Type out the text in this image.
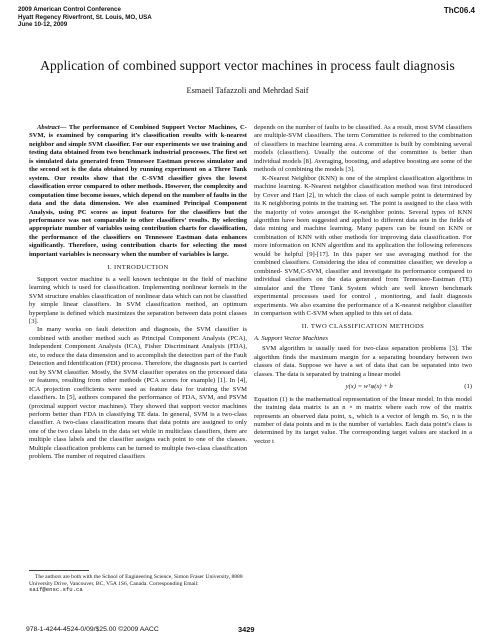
2009 American Control Conference
Hyatt Regency Riverfront, St. Louis, MO, USA
June 10-12, 2009
ThC06.4
Application of combined support vector machines in process fault diagnosis
Esmaeil Tafazzoli and Mehrdad Saif

Abstract— The performance of Combined Support Vector Machines, C-SVM, is examined by comparing it’s classification results with k-nearest neighbor and simple SVM classifier. For our experiments we use training and testing data obtained from two benchmark industrial processes. The first set is simulated data generated from Tennessee Eastman process simulator and the second set is the data obtained by running experiment on a Three Tank system. Our results show that the C-SVM classifier gives the lowest classification error compared to other methods. However, the complexity and computation time become issues, which depend on the number of faults in the data and the data dimension. We also examined Principal Component Analysis, using PC scores as input features for the classifiers but the performance was not comparable to other classifiers’ results. By selecting appropriate number of variables using contribution charts for classification, the performance of the classifiers on Tennessee Eastman data enhances significantly. Therefore, using contribution charts for selecting the most important variables is necessary when the number of variables is large.

I. INTRODUCTION

Support vector machine is a well known technique in the field of machine learning which is used for classification. Implementing nonlinear kernels in the SVM structure enables classification of nonlinear data which can not be classified by simple linear classifiers. In SVM classification method, an optimum hyperplane is defined which maximizes the separation between data point classes [3].

In many works on fault detection and diagnosis, the SVM classifier is combined with another method such as Principal Component Analysis (PCA), Independent Component Analysis (ICA), Fisher Discriminant Analysis (FDA), etc, to reduce the data dimension and to accomplish the detection part of the Fault Detection and Identification (FDI) process. Therefore, the diagnosis part is carried out by SVM classifier. Mostly, the SVM classifier operates on the processed data or features, resulting from other methods (PCA scores for example) [1]. In [4], ICA projection coefficients were used as feature data for training the SVM classifiers. In [5], authors compared the performance of FDA, SVM, and PSVM (proximal support vector machines). They showed that support vector machines perform better than FDA in classifying TE data. In general, SVM is a two-class classifier. A two-class classification means that data points are assigned to only one of the two class labels in the data set while in multiclass classifiers, there are multiple class labels and the classifier assigns each point to one of the classes. Multiple classification problems can be turned to multiple two-class classification problem. The number of required classifiers

The authors are both with the School of Engineering Science, Simon Fraser University, 8888 University Drive, Vancouver, BC, V5A 1S6, Canada. Corresponding Email: saif@ensc.sfu.ca

depends on the number of faults to be classified. As a result, most SVM classifiers are multiple-SVM classifiers. The term Committee is referred to the combination of classifiers in machine learning area. A committee is built by combining several models (classifiers). Usually the outcome of the committee is better than individual models [8]. Averaging, boosting, and adaptive boosting are some of the methods of combining the models [3].

K-Nearest Neighbor (KNN) is one of the simplest classification algorithms in machine learning. K-Nearest neighbor classification method was first introduced by Cover and Hart [2], in which the class of each sample point is determined by its K neighboring points in the training set. The point is assigned to the class with the majority of votes amongst the K-neighbor points. Several types of KNN algorithm have been suggested and applied to different data sets in the fields of data mining and machine learning. Many papers can be found on KNN or combination of KNN with other methods for improving data classification. For more information on KNN algorithm and its application the following references would be helpful [9]-[17]. In this paper we use averaging method for the combined classifiers. Considering the idea of committee classifier, we develop a combined- SVM,C-SVM, classifier and investigate its performance compared to individual classifiers on the data generated from Tennessee-Eastman (TE) simulator and the Three Tank System which are well known benchmark experimental processes used for control , monitoring, and fault diagnosis experiments. We also examine the performance of a K-nearest neighbor classifier in comparison with C-SVM when applied to this set of data.

II. TWO CLASSIFICATION METHODS
A. Support Vector Machines

SVM algorithm is usually used for two-class separation problems [3]. The algorithm finds the maximum margin for a separating boundary between two classes of data. Suppose we have a set of data that can be separated into two classes. The data is separated by training a linear model

y(x) = wᵀφ(x) + b	(1)

Equation (1) is the mathematical representation of the linear model. In this model the training data matrix is an n × m matrix where each row of the matrix represents an observed data point, xᵢ, which is a vector of length m. So, n is the number of data points and m is the number of variables. Each data point’s class is determined by its target value. The corresponding target values are stacked in a vector t

978-1-4244-4524-0/09/$25.00 ©2009 AACC	3429
